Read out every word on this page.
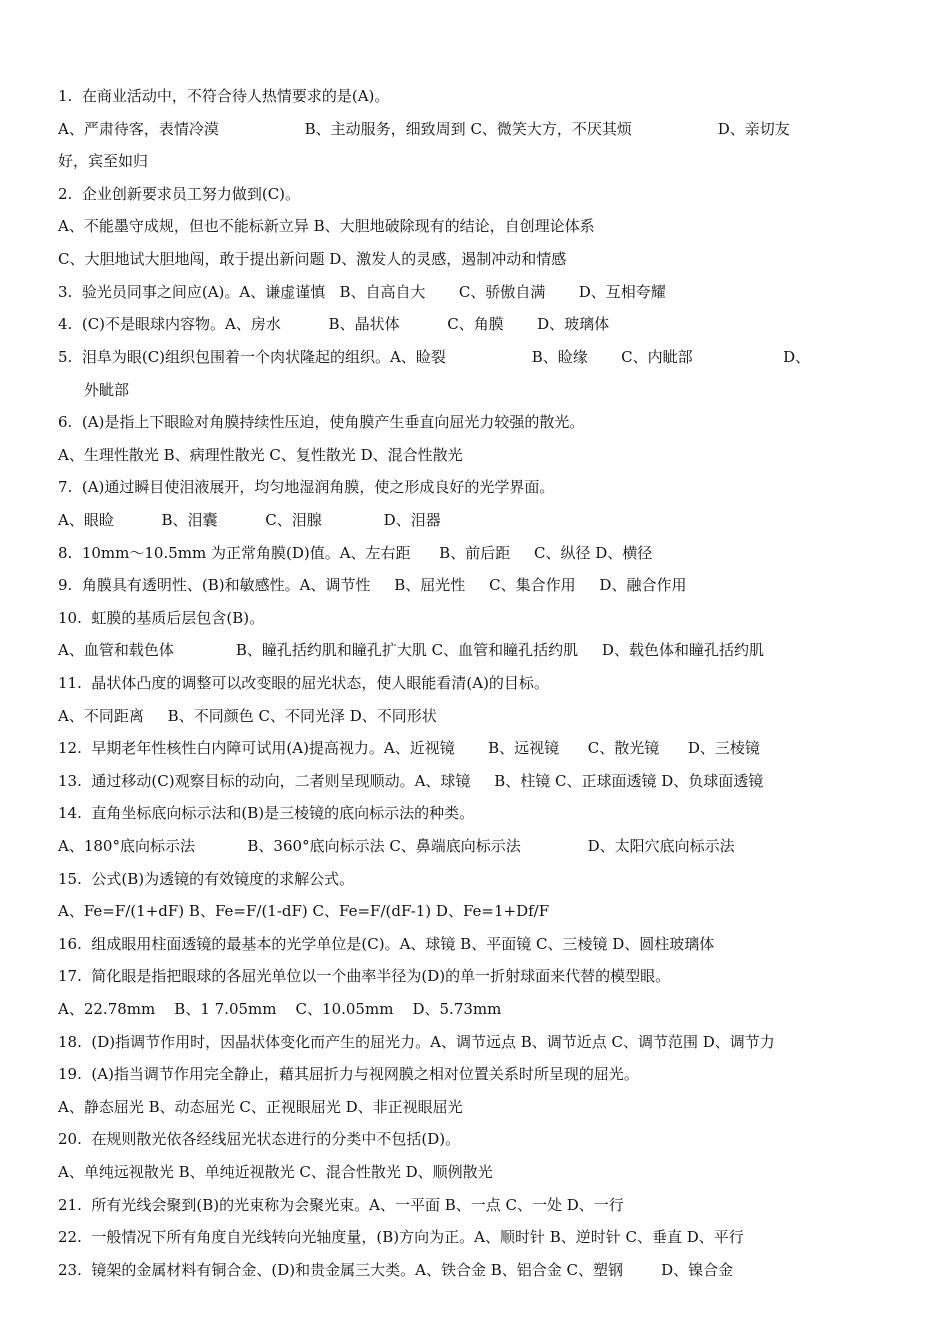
1.  在商业活动中，不符合待人热情要求的是(A)。
A、严肃待客，表情冷漠                  B、主动服务，细致周到 C、微笑大方，不厌其烦                  D、亲切友
好，宾至如归
2.  企业创新要求员工努力做到(C)。
A、不能墨守成规，但也不能标新立异 B、大胆地破除现有的结论，自创理论体系
C、大胆地试大胆地闯，敢于提出新问题 D、激发人的灵感，遏制冲动和情感
3.  验光员同事之间应(A)。A、谦虚谨慎   B、自高自大       C、骄傲自满       D、互相夸耀
4.  (C)不是眼球内容物。A、房水          B、晶状体          C、角膜       D、玻璃体
5.  泪阜为眼(C)组织包围着一个肉状隆起的组织。A、睑裂                  B、睑缘       C、内眦部                   D、
外眦部
6.  (A)是指上下眼睑对角膜持续性压迫，使角膜产生垂直向屈光力较强的散光。
A、生理性散光 B、病理性散光 C、复性散光 D、混合性散光
7.  (A)通过瞬目使泪液展开，均匀地湿润角膜，使之形成良好的光学界面。
A、眼睑          B、泪囊          C、泪腺             D、泪器
8.  10mm～10.5mm 为正常角膜(D)值。A、左右距      B、前后距     C、纵径 D、横径
9.  角膜具有透明性、(B)和敏感性。A、调节性     B、屈光性     C、集合作用     D、融合作用
10.  虹膜的基质后层包含(B)。
A、血管和载色体             B、瞳孔括约肌和瞳孔扩大肌 C、血管和瞳孔括约肌     D、载色体和瞳孔括约肌
11.  晶状体凸度的调整可以改变眼的屈光状态，使人眼能看清(A)的目标。
A、不同距离     B、不同颜色 C、不同光泽 D、不同形状
12.  早期老年性核性白内障可试用(A)提高视力。A、近视镜       B、远视镜      C、散光镜      D、三棱镜
13.  通过移动(C)观察目标的动向，二者则呈现顺动。A、球镜     B、柱镜 C、正球面透镜 D、负球面透镜
14.  直角坐标底向标示法和(B)是三棱镜的底向标示法的种类。
A、180°底向标示法           B、360°底向标示法 C、鼻端底向标示法              D、太阳穴底向标示法
15.  公式(B)为透镜的有效镜度的求解公式。
A、Fe=F/(1+dF) B、Fe=F/(1-dF) C、Fe=F/(dF-1) D、Fe=1+Df/F
16.  组成眼用柱面透镜的最基本的光学单位是(C)。A、球镜 B、平面镜 C、三棱镜 D、圆柱玻璃体
17.  简化眼是指把眼球的各屈光单位以一个曲率半径为(D)的单一折射球面来代替的模型眼。
A、22.78mm    B、1 7.05mm    C、10.05mm    D、5.73mm
18.  (D)指调节作用时，因晶状体变化而产生的屈光力。A、调节远点 B、调节近点 C、调节范围 D、调节力
19.  (A)指当调节作用完全静止，藉其屈折力与视网膜之相对位置关系时所呈现的屈光。
A、静态屈光 B、动态屈光 C、正视眼屈光 D、非正视眼屈光
20.  在规则散光依各经线屈光状态进行的分类中不包括(D)。
A、单纯远视散光 B、单纯近视散光 C、混合性散光 D、顺例散光
21.  所有光线会聚到(B)的光束称为会聚光束。A、一平面 B、一点 C、一处 D、一行
22.  一般情况下所有角度自光线转向光轴度量，(B)方向为正。A、顺时针 B、逆时针 C、垂直 D、平行
23.  镜架的金属材料有铜合金、(D)和贵金属三大类。A、铁合金 B、铝合金 C、塑钢        D、镍合金
